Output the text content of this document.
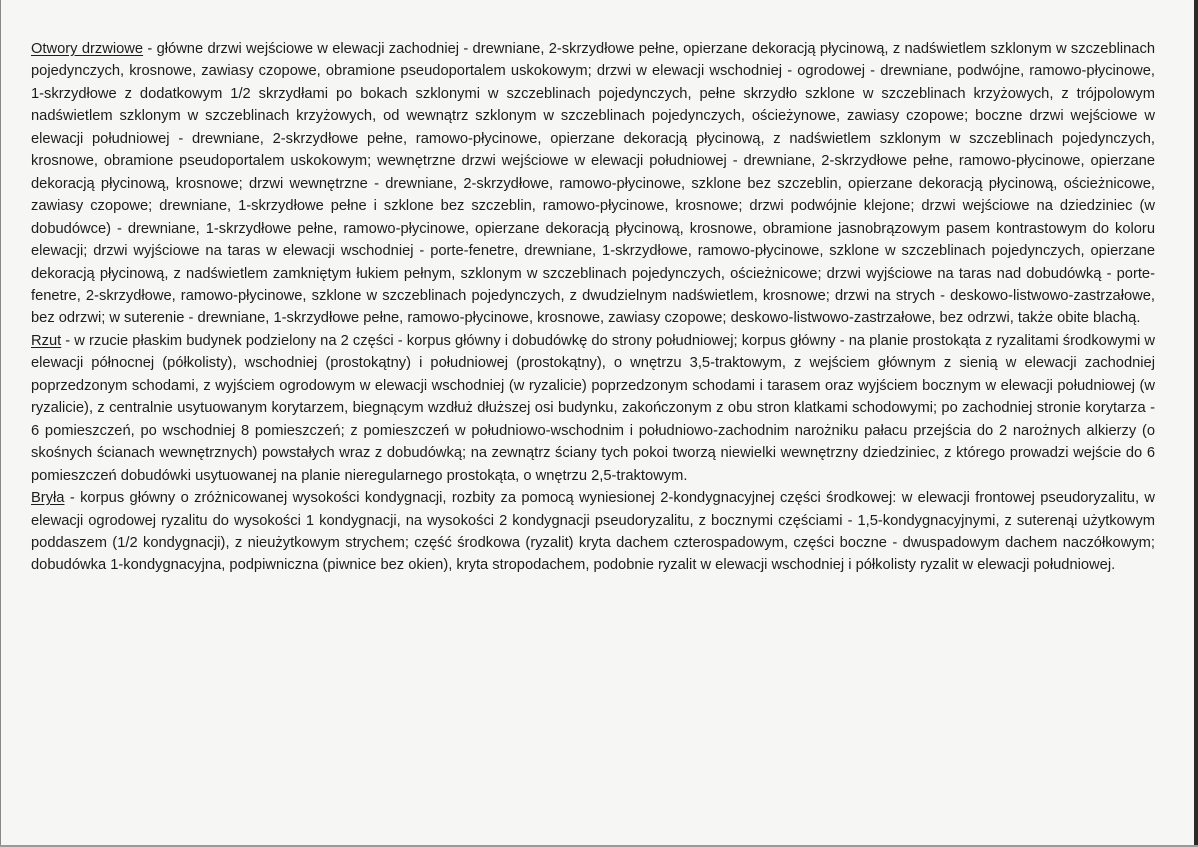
Otwory drzwiowe - główne drzwi wejściowe w elewacji zachodniej - drewniane, 2-skrzydłowe pełne, opierzane dekoracją płycinową, z nadświetlem szklonym w szczeblinach pojedynczych, krosnowe, zawiasy czopowe, obramione pseudoportalem uskokowym; drzwi w elewacji wschodniej - ogrodowej - drewniane, podwójne, ramowo-płycinowe, 1-skrzydłowe z dodatkowym 1/2 skrzydłami po bokach szklonymi w szczeblinach pojedynczych, pełne skrzydło szklone w szczeblinach krzyżowych, z trójpolowym nadświetlem szklonym w szczeblinach krzyżowych, od wewnątrz szklonym w szczeblinach pojedynczych, ościeżynowe, zawiasy czopowe; boczne drzwi wejściowe w elewacji południowej - drewniane, 2-skrzydłowe pełne, ramowo-płycinowe, opierzane dekoracją płycinową, z nadświetlem szklonym w szczeblinach pojedynczych, krosnowe, obramione pseudoportalem uskokowym; wewnętrzne drzwi wejściowe w elewacji południowej - drewniane, 2-skrzydłowe pełne, ramowo-płycinowe, opierzane dekoracją płycinową, krosnowe; drzwi wewnętrzne - drewniane, 2-skrzydłowe, ramowo-płycinowe, szklone bez szczeblin, opierzane dekoracją płycinową, ościeżnicowe, zawiasy czopowe; drewniane, 1-skrzydłowe pełne i szklone bez szczeblin, ramowo-płycinowe, krosnowe; drzwi podwójnie klejone; drzwi wejściowe na dziedziniec (w dobudówce) - drewniane, 1-skrzydłowe pełne, ramowo-płycinowe, opierzane dekoracją płycinową, krosnowe, obramione jasnobrązowym pasem kontrastowym do koloru elewacji; drzwi wyjściowe na taras w elewacji wschodniej - porte-fenetre, drewniane, 1-skrzydłowe, ramowo-płycinowe, szklone w szczeblinach pojedynczych, opierzane dekoracją płycinową, z nadświetlem zamkniętym łukiem pełnym, szklonym w szczeblinach pojedynczych, ościeżnicowe; drzwi wyjściowe na taras nad dobudówką - porte-fenetre, 2-skrzydłowe, ramowo-płycinowe, szklone w szczeblinach pojedynczych, z dwudzielnym nadświetlem, krosnowe; drzwi na strych - deskowo-listwowo-zastrzałowe, bez odrzwi; w suterenie - drewniane, 1-skrzydłowe pełne, ramowo-płycinowe, krosnowe, zawiasy czopowe; deskowo-listwowo-zastrzałowe, bez odrzwi, także obite blachą.

Rzut - w rzucie płaskim budynek podzielony na 2 części - korpus główny i dobudówkę do strony południowej; korpus główny - na planie prostokąta z ryzalitami środkowymi w elewacji północnej (półkolisty), wschodniej (prostokątny) i południowej (prostokątny), o wnętrzu 3,5-traktowym, z wejściem głównym z sienią w elewacji zachodniej poprzedzonym schodami, z wyjściem ogrodowym w elewacji wschodniej (w ryzalicie) poprzedzonym schodami i tarasem oraz wyjściem bocznym w elewacji południowej (w ryzalicie), z centralnie usytuowanym korytarzem, biegnącym wzdłuż dłuższej osi budynku, zakończonym z obu stron klatkami schodowymi; po zachodniej stronie korytarza - 6 pomieszczeń, po wschodniej 8 pomieszczeń; z pomieszczeń w południowo-wschodnim i południowo-zachodnim narożniku pałacu przejścia do 2 narożnych alkierzy (o skośnych ścianach wewnętrznych) powstałych wraz z dobudówką; na zewnątrz ściany tych pokoi tworzą niewielki wewnętrzny dziedziniec, z którego prowadzi wejście do 6 pomieszczeń dobudówki usytuowanej na planie nieregularnego prostokąta, o wnętrzu 2,5-traktowym.

Bryła - korpus główny o zróżnicowanej wysokości kondygnacji, rozbity za pomocą wyniesionej 2-kondygnacyjnej części środkowej: w elewacji frontowej pseudoryzalitu, w elewacji ogrodowej ryzalitu do wysokości 1 kondygnacji, na wysokości 2 kondygnacji pseudoryzalitu, z bocznymi częściami - 1,5-kondygnacyjnymi, z suterenąi użytkowym poddaszem (1/2 kondygnacji), z nieużytkowym strychem; część środkowa (ryzalit) kryta dachem czterospadowym, części boczne - dwuspadowym dachem naczółkowym; dobudówka 1-kondygnacyjna, podpiwniczna (piwnice bez okien), kryta stropodachem, podobnie ryzalit w elewacji wschodniej i półkolisty ryzalit w elewacji południowej.
